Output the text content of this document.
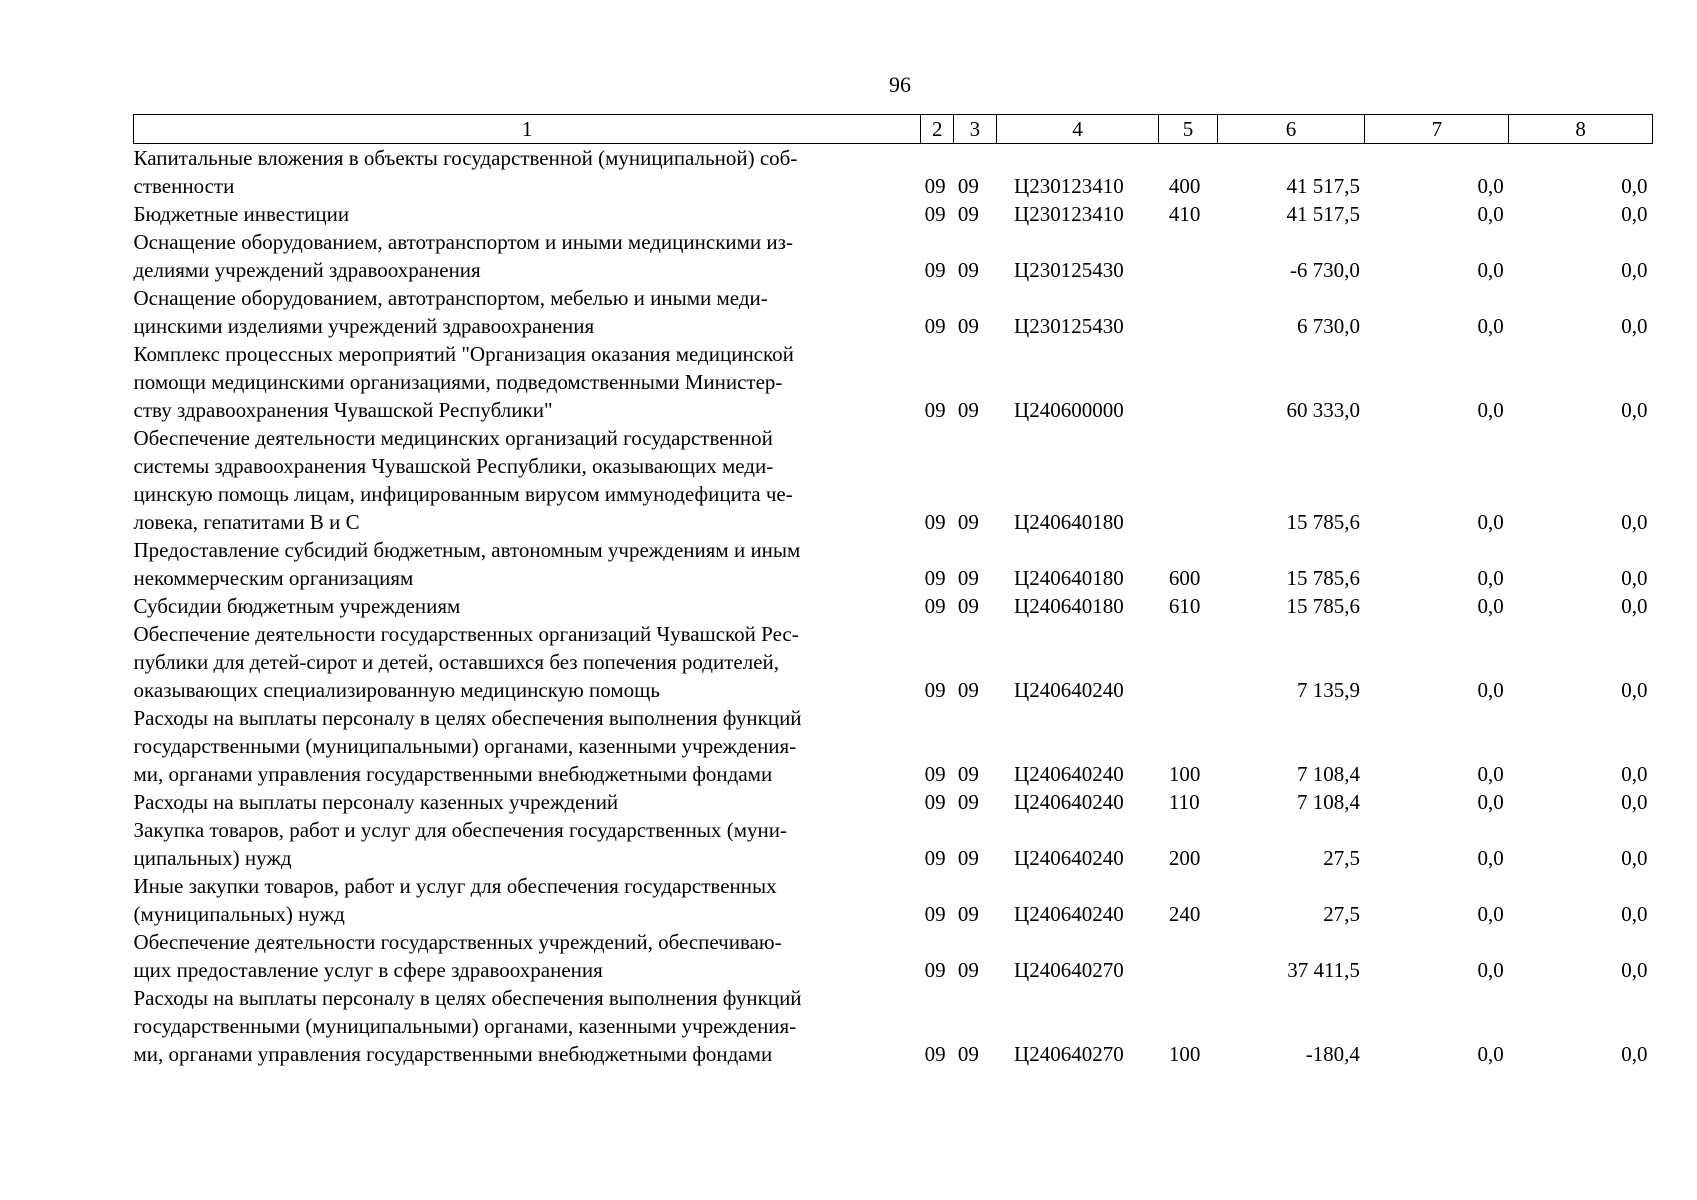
96
1	2	3	4	5	6	7	8

Капитальные вложения в объекты государственной (муниципальной) соб-
ственности	09	09	Ц230123410	400	41 517,5	0,0	0,0

Бюджетные инвестиции	09	09	Ц230123410	410	41 517,5	0,0	0,0

Оснащение оборудованием, автотранспортом и иными медицинскими из-
делиями учреждений здравоохранения	09	09	Ц230125430		-6 730,0	0,0	0,0

Оснащение оборудованием, автотранспортом, мебелью и иными меди-
цинскими изделиями учреждений здравоохранения	09	09	Ц230125430		6 730,0	0,0	0,0

Комплекс процессных мероприятий "Организация оказания медицинской
помощи медицинскими организациями, подведомственными Министер-
ству здравоохранения Чувашской Республики"	09	09	Ц240600000		60 333,0	0,0	0,0

Обеспечение деятельности медицинских организаций государственной
системы здравоохранения Чувашской Республики, оказывающих меди-
цинскую помощь лицам, инфицированным вирусом иммунодефицита че-
ловека, гепатитами В и С	09	09	Ц240640180		15 785,6	0,0	0,0

Предоставление субсидий бюджетным, автономным учреждениям и иным
некоммерческим организациям	09	09	Ц240640180	600	15 785,6	0,0	0,0

Субсидии бюджетным учреждениям	09	09	Ц240640180	610	15 785,6	0,0	0,0

Обеспечение деятельности государственных организаций Чувашской Рес-
публики для детей-сирот и детей, оставшихся без попечения родителей,
оказывающих специализированную медицинскую помощь	09	09	Ц240640240		7 135,9	0,0	0,0

Расходы на выплаты персоналу в целях обеспечения выполнения функций
государственными (муниципальными) органами, казенными учреждения-
ми, органами управления государственными внебюджетными фондами	09	09	Ц240640240	100	7 108,4	0,0	0,0

Расходы на выплаты персоналу казенных учреждений	09	09	Ц240640240	110	7 108,4	0,0	0,0

Закупка товаров, работ и услуг для обеспечения государственных (муни-
ципальных) нужд	09	09	Ц240640240	200	27,5	0,0	0,0

Иные закупки товаров, работ и услуг для обеспечения государственных
(муниципальных) нужд	09	09	Ц240640240	240	27,5	0,0	0,0

Обеспечение деятельности государственных учреждений, обеспечиваю-
щих предоставление услуг в сфере здравоохранения	09	09	Ц240640270		37 411,5	0,0	0,0

Расходы на выплаты персоналу в целях обеспечения выполнения функций
государственными (муниципальными) органами, казенными учреждения-
ми, органами управления государственными внебюджетными фондами	09	09	Ц240640270	100	-180,4	0,0	0,0
